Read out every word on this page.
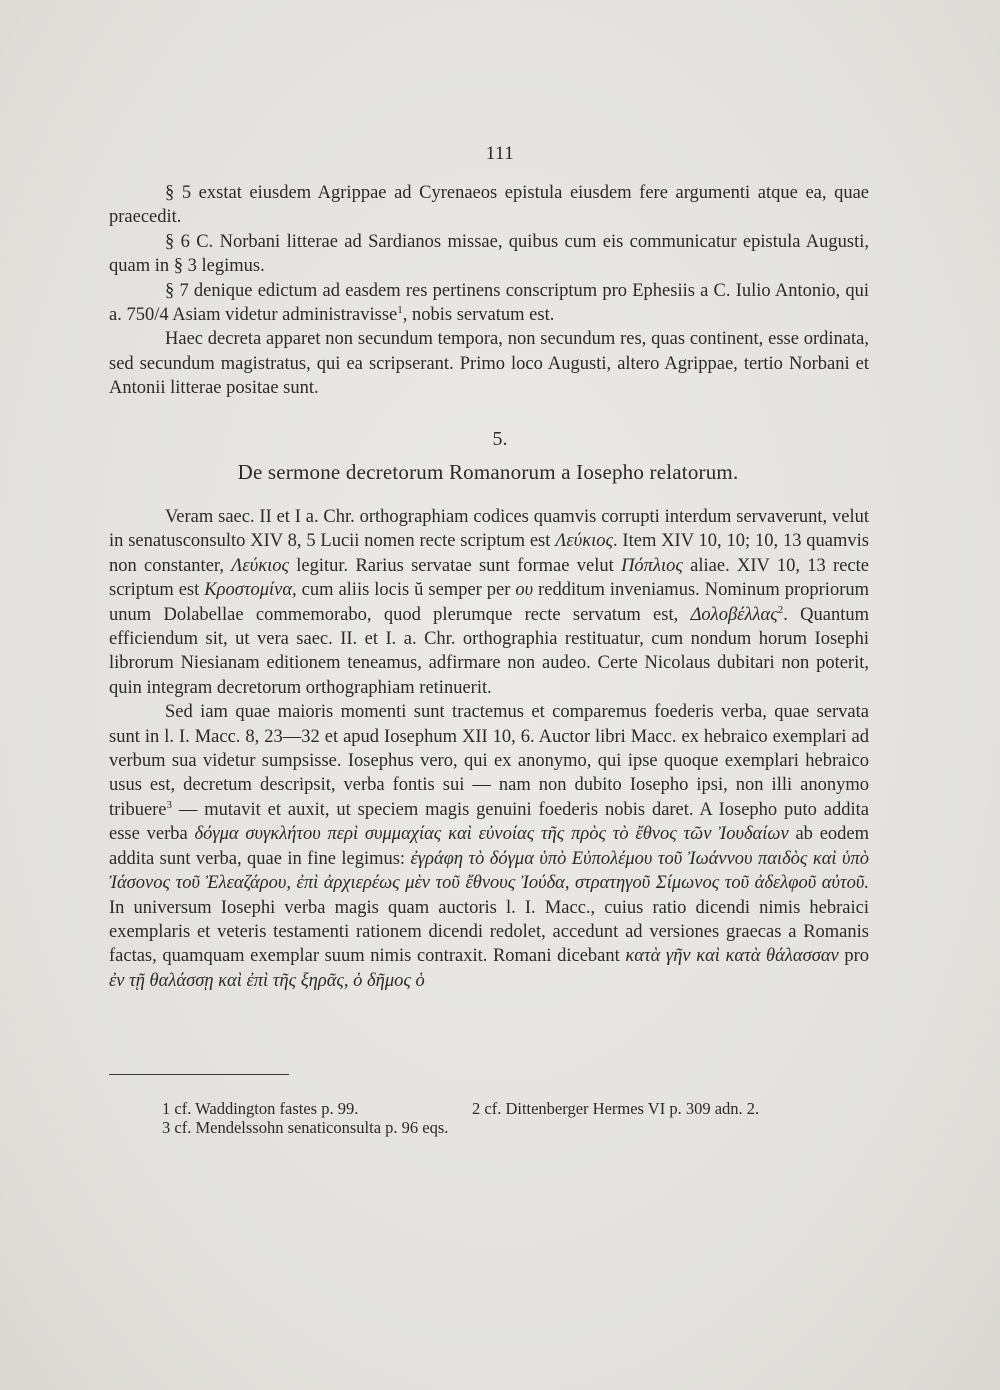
111

§ 5 exstat eiusdem Agrippae ad Cyrenaeos epistula eiusdem fere argumenti atque ea, quae praecedit.

§ 6 C. Norbani litterae ad Sardianos missae, quibus cum eis communicatur epistula Augusti, quam in § 3 legimus.

§ 7 denique edictum ad easdem res pertinens conscriptum pro Ephesiis a C. Iulio Antonio, qui a. 750/4 Asiam videtur administravisse$^1$, nobis servatum est.

Haec decreta apparet non secundum tempora, non secundum res, quas continent, esse ordinata, sed secundum magistratus, qui ea scripserant. Primo loco Augusti, altero Agrippae, tertio Norbani et Antonii litterae positae sunt.

5.
De sermone decretorum Romanorum a Iosepho relatorum.

Veram saec. II et I a. Chr. orthographiam codices quamvis corrupti interdum servaverunt, velut in senatusconsulto XIV 8, 5 Lucii nomen recte scriptum est Λεύκιος. Item XIV 10, 10; 10, 13 quamvis non constanter, Λεύκιος legitur. Rarius servatae sunt formae velut Πόπλιος aliae. XIV 10, 13 recte scriptum est Κροστομίνα, cum aliis locis ŭ semper per ου redditum inveniamus. Nominum propriorum unum Dolabellae commemorabo, quod plerumque recte servatum est, Δολοβέλλας$^2$. Quantum efficiendum sit, ut vera saec. II. et I. a. Chr. orthographia restituatur, cum nondum horum Iosephi librorum Niesianam editionem teneamus, adfirmare non audeo. Certe Nicolaus dubitari non poterit, quin integram decretorum orthographiam retinuerit.

Sed iam quae maioris momenti sunt tractemus et comparemus foederis verba, quae servata sunt in l. I. Macc. 8, 23—32 et apud Iosephum XII 10, 6. Auctor libri Macc. ex hebraico exemplari ad verbum sua videtur sumpsisse. Iosephus vero, qui ex anonymo, qui ipse quoque exemplari hebraico usus est, decretum descripsit, verba fontis sui — nam non dubito Iosepho ipsi, non illi anonymo tribuere$^3$ — mutavit et auxit, ut speciem magis genuini foederis nobis daret. A Iosepho puto addita esse verba δόγμα συγκλήτου περὶ συμμαχίας καὶ εὐνοίας τῆς πρὸς τὸ ἔθνος τῶν Ἰουδαίων ab eodem addita sunt verba, quae in fine legimus: ἐγράφη τὸ δόγμα ὑπὸ Εὐπολέμου τοῦ Ἰωάννου παιδὸς καὶ ὑπὸ Ἰάσονος τοῦ Ἐλεαζάρου, ἐπὶ ἀρχιερέως μὲν τοῦ ἔθνους Ἰούδα, στρατηγοῦ Σίμωνος τοῦ ἀδελφοῦ αὐτοῦ. In universum Iosephi verba magis quam auctoris l. I. Macc., cuius ratio dicendi nimis hebraici exemplaris et veteris testamenti rationem dicendi redolet, accedunt ad versiones graecas a Romanis factas, quamquam exemplar suum nimis contraxit. Romani dicebant κατὰ γῆν καὶ κατὰ θάλασσαν pro ἐν τῇ θαλάσσῃ καὶ ἐπὶ τῆς ξηρᾶς, ὁ δῆμος ὁ

1 cf. Waddington fastes p. 99.	2 cf. Dittenberger Hermes VI p. 309 adn. 2.
3 cf. Mendelssohn senaticonsulta p. 96 eqs.
